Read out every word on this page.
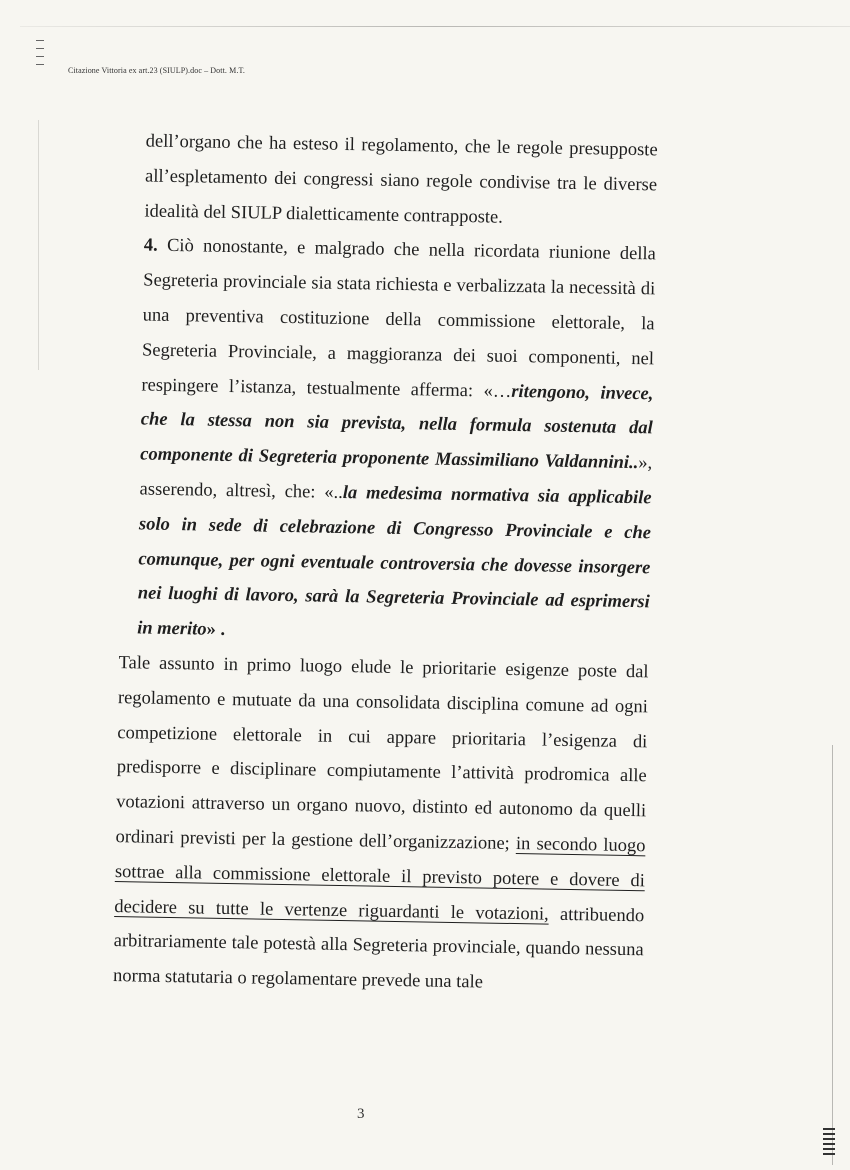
Citazione Vittoria ex art.23 (SIULP).doc – Dott. M.T.

dell’organo che ha esteso il regolamento, che le regole presupposte all’espletamento dei congressi siano regole condivise tra le diverse idealità del SIULP dialetticamente contrapposte.

4. Ciò nonostante, e malgrado che nella ricordata riunione della Segreteria provinciale sia stata richiesta e verbalizzata la necessità di una preventiva costituzione della commissione elettorale, la Segreteria Provinciale, a maggioranza dei suoi componenti, nel respingere l’istanza, testualmente afferma: «…ritengono, invece, che la stessa non sia prevista, nella formula sostenuta dal componente di Segreteria proponente Massimiliano Valdannini..», asserendo, altresì, che: «..la medesima normativa sia applicabile solo in sede di celebrazione di Congresso Provinciale e che comunque, per ogni eventuale controversia che dovesse insorgere nei luoghi di lavoro, sarà la Segreteria Provinciale ad esprimersi in merito» .

Tale assunto in primo luogo elude le prioritarie esigenze poste dal regolamento e mutuate da una consolidata disciplina comune ad ogni competizione elettorale in cui appare prioritaria l’esigenza di predisporre e disciplinare compiutamente l’attività prodromica alle votazioni attraverso un organo nuovo, distinto ed autonomo da quelli ordinari previsti per la gestione dell’organizzazione; in secondo luogo sottrae alla commissione elettorale il previsto potere e dovere di decidere su tutte le vertenze riguardanti le votazioni, attribuendo arbitrariamente tale potestà alla Segreteria provinciale, quando nessuna norma statutaria o regolamentare prevede una tale

3
